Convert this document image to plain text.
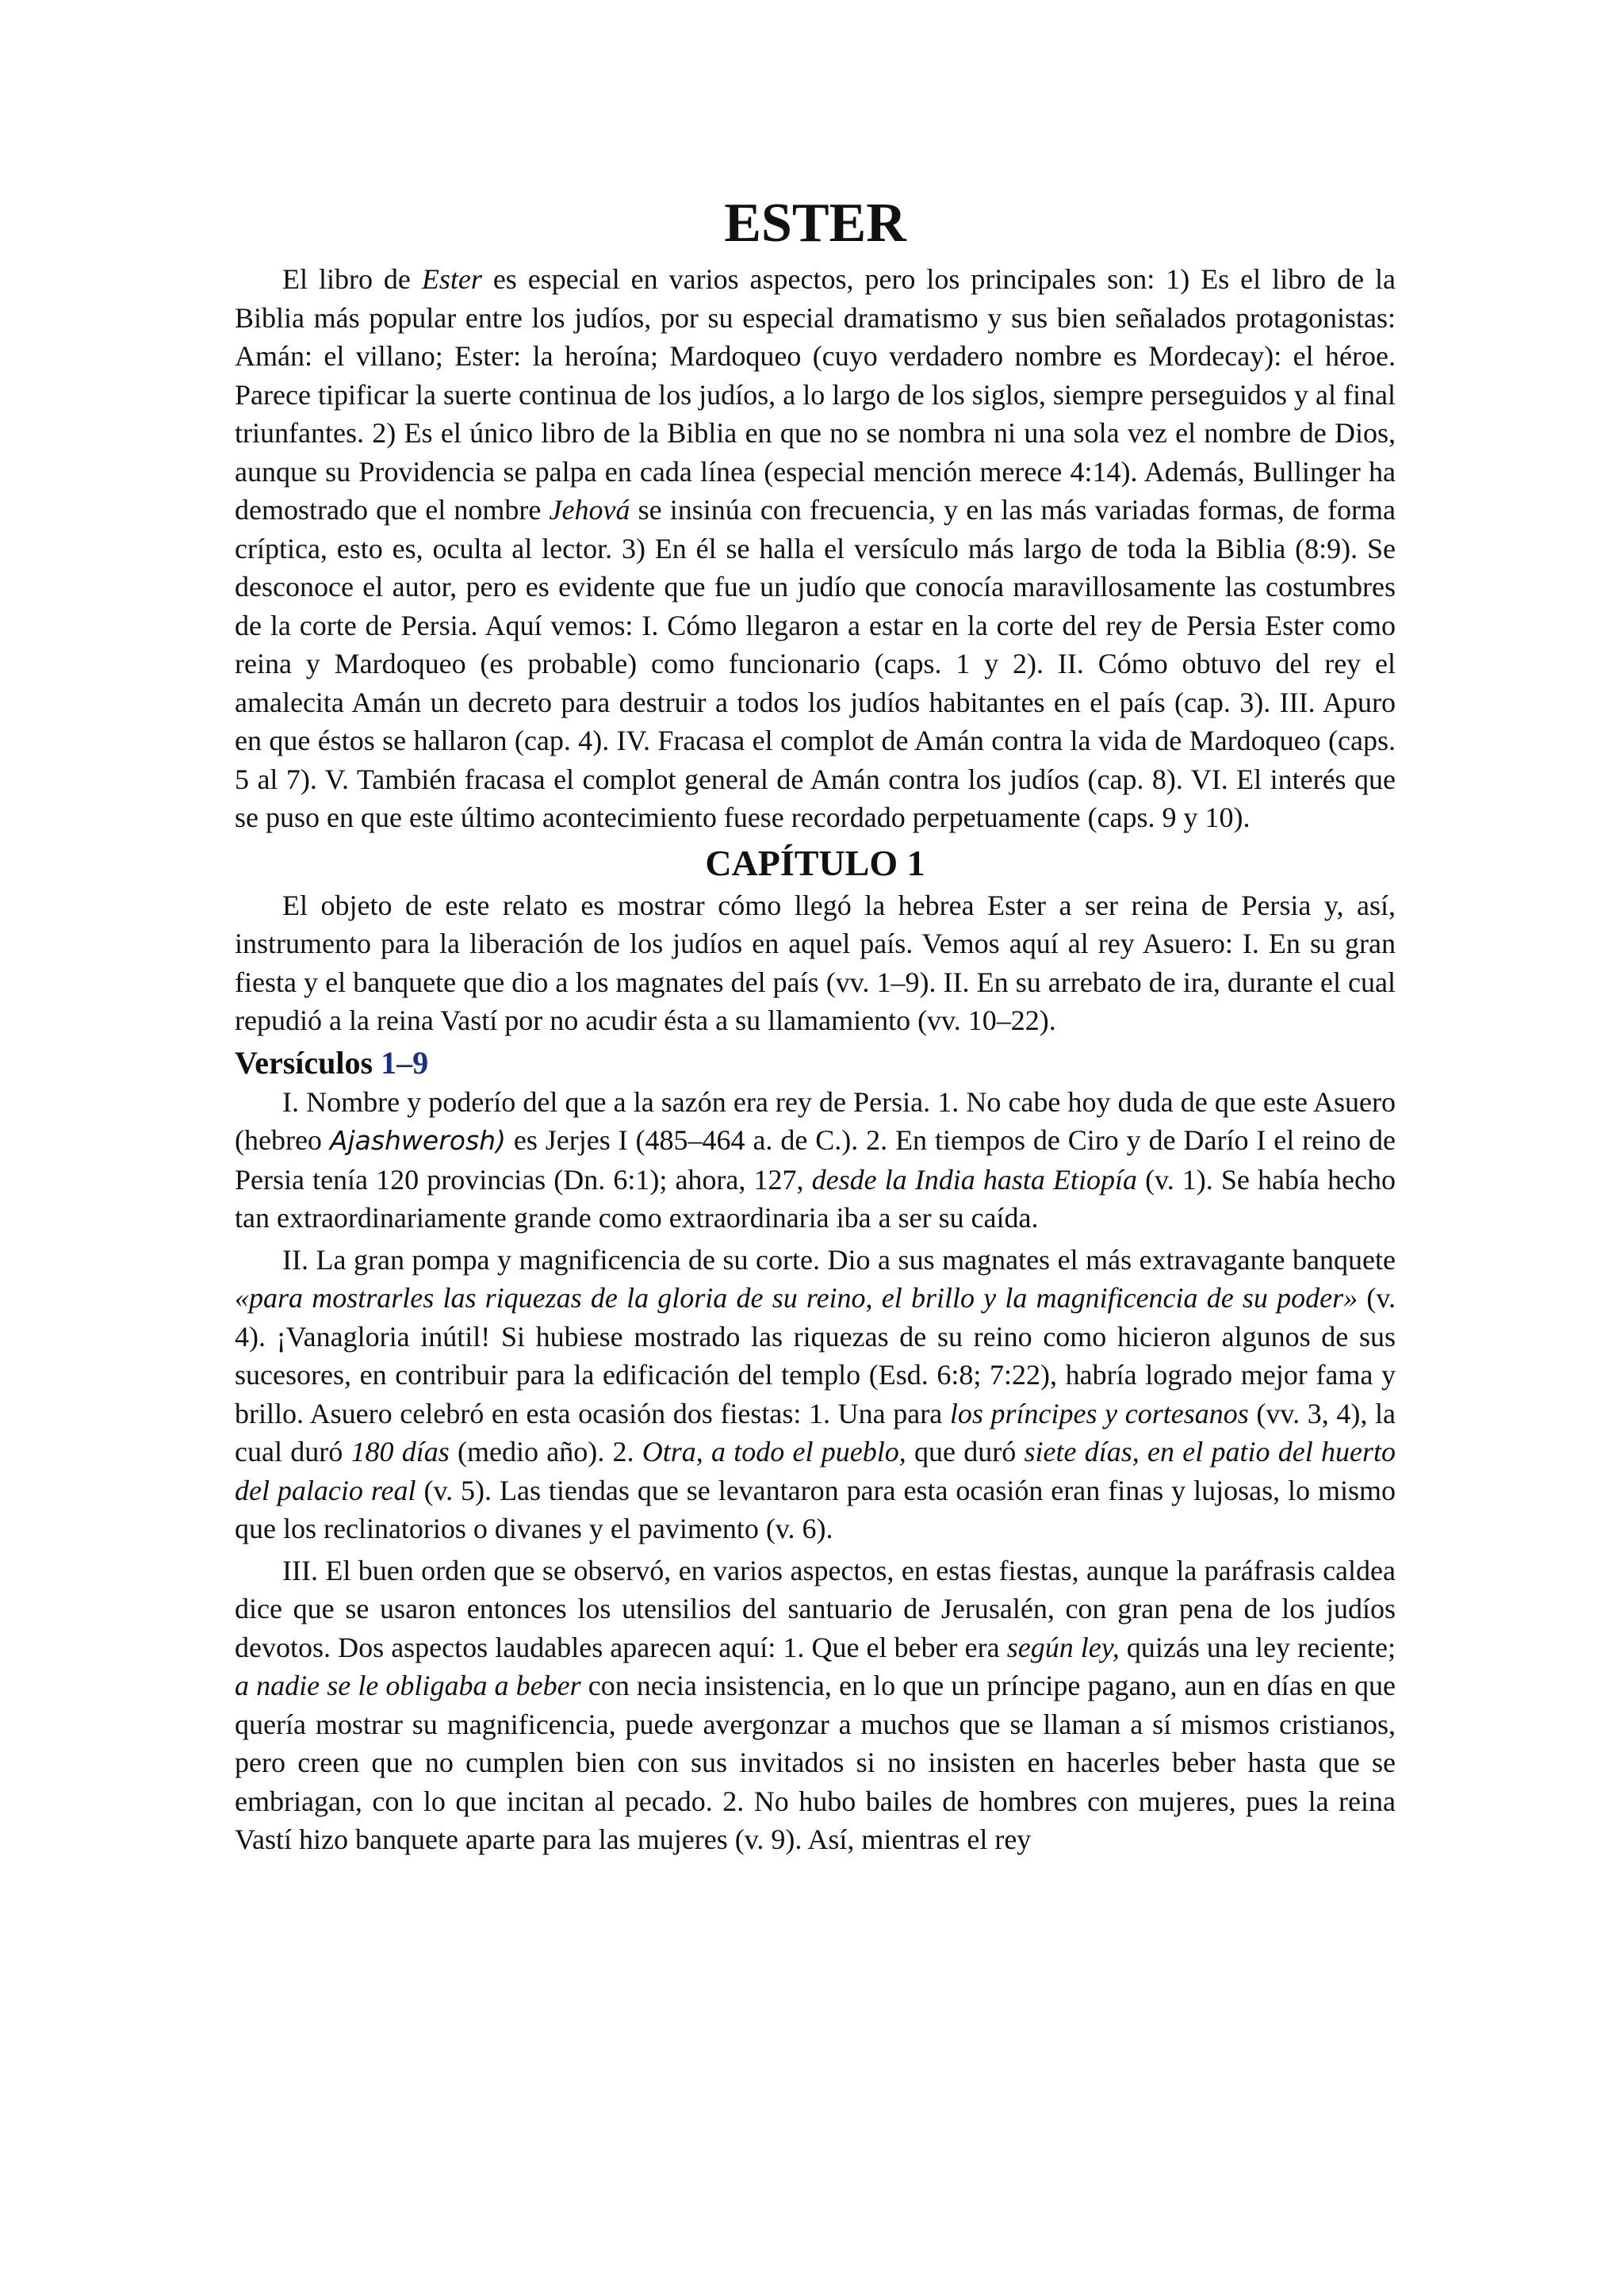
ESTER

El libro de Ester es especial en varios aspectos, pero los principales son: 1) Es el libro de la Biblia más popular entre los judíos, por su especial dramatismo y sus bien señalados protagonistas: Amán: el villano; Ester: la heroína; Mardoqueo (cuyo verdadero nombre es Mordecay): el héroe. Parece tipificar la suerte continua de los judíos, a lo largo de los siglos, siempre perseguidos y al final triunfantes. 2) Es el único libro de la Biblia en que no se nombra ni una sola vez el nombre de Dios, aunque su Providencia se palpa en cada línea (especial mención merece 4:14). Además, Bullinger ha demostrado que el nombre Jehová se insinúa con frecuencia, y en las más variadas formas, de forma críptica, esto es, oculta al lector. 3) En él se halla el versículo más largo de toda la Biblia (8:9). Se desconoce el autor, pero es evidente que fue un judío que conocía maravillosamente las costumbres de la corte de Persia. Aquí vemos: I. Cómo llegaron a estar en la corte del rey de Persia Ester como reina y Mardoqueo (es probable) como funcionario (caps. 1 y 2). II. Cómo obtuvo del rey el amalecita Amán un decreto para destruir a todos los judíos habitantes en el país (cap. 3). III. Apuro en que éstos se hallaron (cap. 4). IV. Fracasa el complot de Amán contra la vida de Mardoqueo (caps. 5 al 7). V. También fracasa el complot general de Amán contra los judíos (cap. 8). VI. El interés que se puso en que este último acontecimiento fuese recordado perpetuamente (caps. 9 y 10).

CAPÍTULO 1

El objeto de este relato es mostrar cómo llegó la hebrea Ester a ser reina de Persia y, así, instrumento para la liberación de los judíos en aquel país. Vemos aquí al rey Asuero: I. En su gran fiesta y el banquete que dio a los magnates del país (vv. 1–9). II. En su arrebato de ira, durante el cual repudió a la reina Vastí por no acudir ésta a su llamamiento (vv. 10–22).

Versículos 1–9

I. Nombre y poderío del que a la sazón era rey de Persia. 1. No cabe hoy duda de que este Asuero (hebreo Ajashwerosh) es Jerjes I (485–464 a. de C.). 2. En tiempos de Ciro y de Darío I el reino de Persia tenía 120 provincias (Dn. 6:1); ahora, 127, desde la India hasta Etiopía (v. 1). Se había hecho tan extraordinariamente grande como extraordinaria iba a ser su caída.

II. La gran pompa y magnificencia de su corte. Dio a sus magnates el más extravagante banquete «para mostrarles las riquezas de la gloria de su reino, el brillo y la magnificencia de su poder» (v. 4). ¡Vanagloria inútil! Si hubiese mostrado las riquezas de su reino como hicieron algunos de sus sucesores, en contribuir para la edificación del templo (Esd. 6:8; 7:22), habría logrado mejor fama y brillo. Asuero celebró en esta ocasión dos fiestas: 1. Una para los príncipes y cortesanos (vv. 3, 4), la cual duró 180 días (medio año). 2. Otra, a todo el pueblo, que duró siete días, en el patio del huerto del palacio real (v. 5). Las tiendas que se levantaron para esta ocasión eran finas y lujosas, lo mismo que los reclinatorios o divanes y el pavimento (v. 6).

III. El buen orden que se observó, en varios aspectos, en estas fiestas, aunque la paráfrasis caldea dice que se usaron entonces los utensilios del santuario de Jerusalén, con gran pena de los judíos devotos. Dos aspectos laudables aparecen aquí: 1. Que el beber era según ley, quizás una ley reciente; a nadie se le obligaba a beber con necia insistencia, en lo que un príncipe pagano, aun en días en que quería mostrar su magnificencia, puede avergonzar a muchos que se llaman a sí mismos cristianos, pero creen que no cumplen bien con sus invitados si no insisten en hacerles beber hasta que se embriagan, con lo que incitan al pecado. 2. No hubo bailes de hombres con mujeres, pues la reina Vastí hizo banquete aparte para las mujeres (v. 9). Así, mientras el rey
